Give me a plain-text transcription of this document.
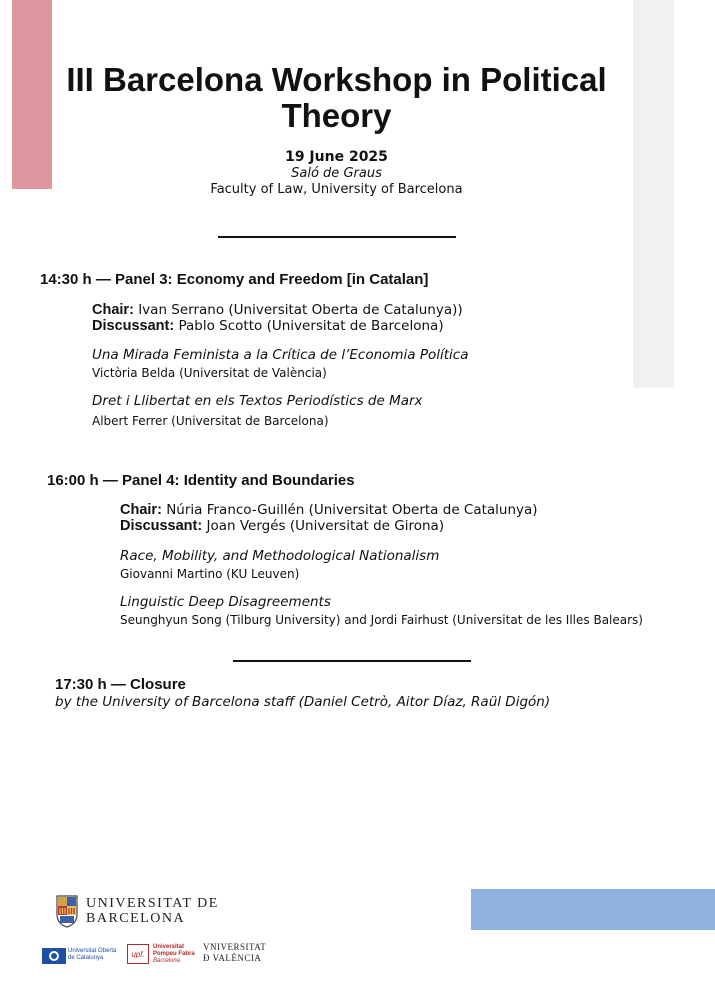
III Barcelona Workshop in Political Theory
19 June 2025
Saló de Graus
Faculty of Law, University of Barcelona
14:30 h — Panel 3: Economy and Freedom [in Catalan]
Chair: Ivan Serrano (Universitat Oberta de Catalunya))
Discussant: Pablo Scotto (Universitat de Barcelona)
Una Mirada Feminista a la Crítica de l’Economia Política
Victòria Belda (Universitat de València)
Dret i Llibertat en els Textos Periodístics de Marx
Albert Ferrer (Universitat de Barcelona)
16:00 h — Panel 4: Identity and Boundaries
Chair: Núria Franco-Guillén (Universitat Oberta de Catalunya)
Discussant: Joan Vergés (Universitat de Girona)
Race, Mobility, and Methodological Nationalism
Giovanni Martino (KU Leuven)
Linguistic Deep Disagreements
Seunghyun Song (Tilburg University) and Jordi Fairhust (Universitat de les Illes Balears)
17:30 h — Closure
by the University of Barcelona staff (Daniel Cetrò, Aitor Díaz, Raül Digón)
UNIVERSITAT DE
BARCELONA
Universitat Oberta
de Catalunya	upf.
Universitat
Pompeu Fabra
Barcelona
VNIVERSITAT
Ð VALÈNCIA
